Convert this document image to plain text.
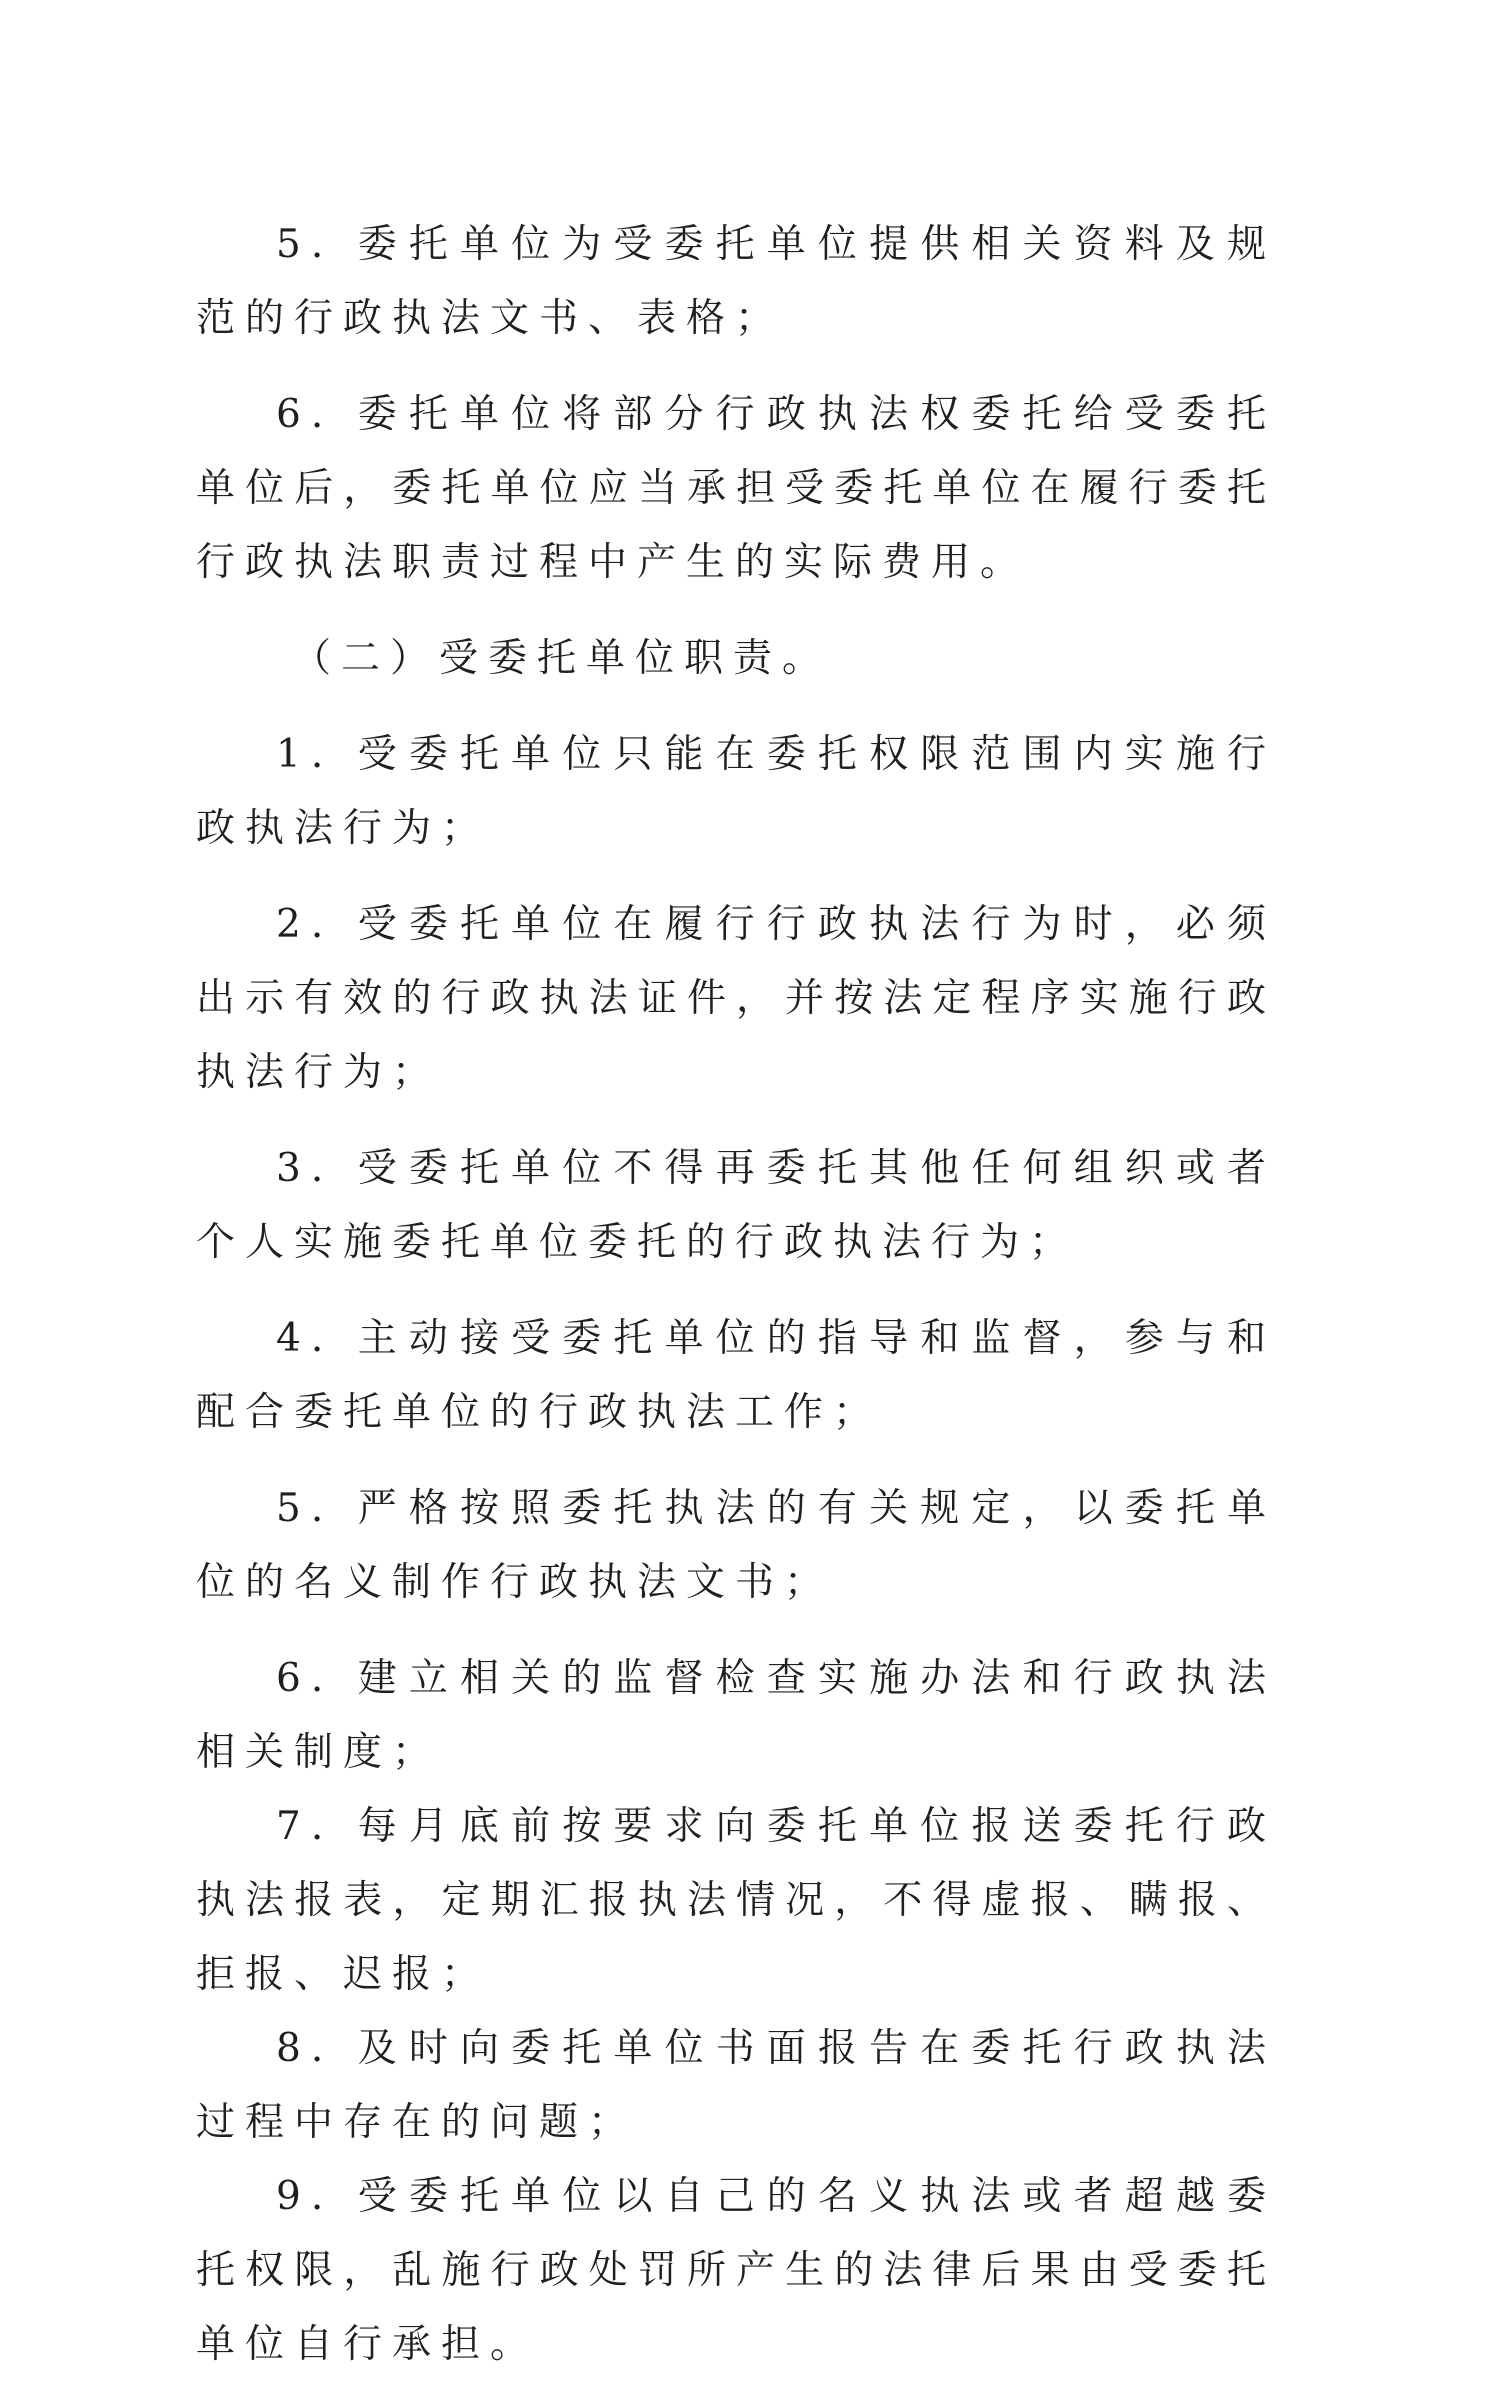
5. 委托单位为受委托单位提供相关资料及规范的行政执法文书、表格；

6. 委托单位将部分行政执法权委托给受委托单位后，委托单位应当承担受委托单位在履行委托行政执法职责过程中产生的实际费用。

（二）受委托单位职责。

1. 受委托单位只能在委托权限范围内实施行政执法行为；

2. 受委托单位在履行行政执法行为时，必须出示有效的行政执法证件，并按法定程序实施行政执法行为；

3. 受委托单位不得再委托其他任何组织或者个人实施委托单位委托的行政执法行为；

4. 主动接受委托单位的指导和监督，参与和配合委托单位的行政执法工作；

5. 严格按照委托执法的有关规定，以委托单位的名义制作行政执法文书；

6. 建立相关的监督检查实施办法和行政执法相关制度；

7. 每月底前按要求向委托单位报送委托行政执法报表，定期汇报执法情况，不得虚报、瞒报、拒报、迟报；

8. 及时向委托单位书面报告在委托行政执法过程中存在的问题；

9. 受委托单位以自己的名义执法或者超越委托权限，乱施行政处罚所产生的法律后果由受委托单位自行承担。
